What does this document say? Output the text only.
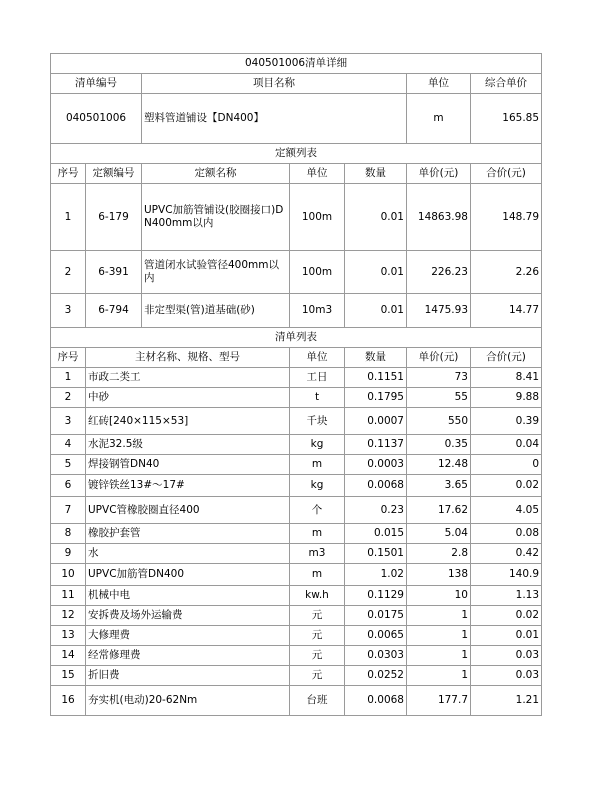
040501006清单详细						
清单编号		项目名称			单位	综合单价
040501006		塑料管道铺设【DN400】			m	165.85
定额列表						
序号	定额编号	定额名称	单位	数量	单价(元)	合价(元)
1	6-179	UPVC加筋管铺设(胶圈接口)DN400mm以内	100m	0.01	14863.98	148.79
2	6-391	管道闭水试验管径400mm以内	100m	0.01	226.23	2.26
3	6-794	非定型渠(管)道基础(砂)	10m3	0.01	1475.93	14.77
清单列表						
序号	主材名称、规格、型号		单位	数量	单价(元)	合价(元)
1	市政二类工		工日	0.1151	73	8.41
2	中砂		t	0.1795	55	9.88
3	红砖[240×115×53]		千块	0.0007	550	0.39
4	水泥32.5级		kg	0.1137	0.35	0.04
5	焊接钢管DN40		m	0.0003	12.48	0
6	镀锌铁丝13#～17#		kg	0.0068	3.65	0.02
7	UPVC管橡胶圈直径400		个	0.23	17.62	4.05
8	橡胶护套管		m	0.015	5.04	0.08
9	水		m3	0.1501	2.8	0.42
10	UPVC加筋管DN400		m	1.02	138	140.9
11	机械中电		kw.h	0.1129	10	1.13
12	安拆费及场外运输费		元	0.0175	1	0.02
13	大修理费		元	0.0065	1	0.01
14	经常修理费		元	0.0303	1	0.03
15	折旧费		元	0.0252	1	0.03
16	夯实机(电动)20-62Nm		台班	0.0068	177.7	1.21
